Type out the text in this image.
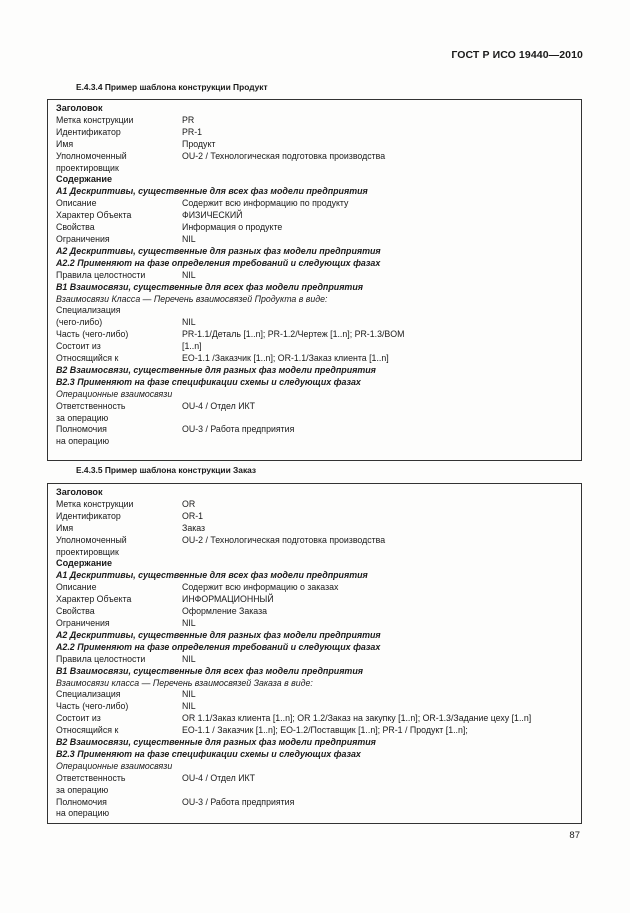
ГОСТ Р ИСО 19440—2010
Е.4.3.4 Пример шаблона конструкции Продукт
Заголовок
Метка конструкции	PR
Идентификатор	PR-1
Имя	Продукт
Уполномоченный	OU-2 / Технологическая подготовка производства
проектировщик
Содержание
А1 Дескриптивы, существенные для всех фаз модели предприятия
Описание	Содержит всю информацию по продукту
Характер Объекта	ФИЗИЧЕСКИЙ
Свойства	Информация о продукте
Ограничения	NIL
А2 Дескриптивы, существенные для разных фаз модели предприятия
А2.2 Применяют на фазе определения требований и следующих фазах
Правила целостности	NIL
В1 Взаимосвязи, существенные для всех фаз модели предприятия
Взаимосвязи Класса — Перечень взаимосвязей Продукта в виде:
Специализация
(чего-либо)	NIL
Часть (чего-либо)	PR-1.1/Деталь [1..n]; PR-1.2/Чертеж [1..n]; PR-1.3/BOM
Состоит из	[1..n]
Относящийся к	EO-1.1 /Заказчик [1..n]; OR-1.1/Заказ клиента [1..n]
В2 Взаимосвязи, существенные для разных фаз модели предприятия
В2.3 Применяют на фазе спецификации схемы и следующих фазах
Операционные взаимосвязи
Ответственность	OU-4 / Отдел ИКТ
за операцию
Полномочия	OU-3 / Работа предприятия
на операцию
Е.4.3.5 Пример шаблона конструкции Заказ
Заголовок
Метка конструкции	OR
Идентификатор	OR-1
Имя	Заказ
Уполномоченный	OU-2 / Технологическая подготовка производства
проектировщик
Содержание
А1 Дескриптивы, существенные для всех фаз модели предприятия
Описание	Содержит всю информацию о заказах
Характер Объекта	ИНФОРМАЦИОННЫЙ
Свойства	Оформление Заказа
Ограничения	NIL
А2 Дескриптивы, существенные для разных фаз модели предприятия
А2.2 Применяют на фазе определения требований и следующих фазах
Правила целостности	NIL
В1 Взаимосвязи, существенные для всех фаз модели предприятия
Взаимосвязи класса — Перечень взаимосвязей Заказа в виде:
Специализация	NIL
Часть (чего-либо)	NIL
Состоит из	OR 1.1/Заказ клиента [1..n]; OR 1.2/Заказ на закупку [1..n]; OR-1.3/Задание цеху [1..n]
Относящийся к	EO-1.1 / Заказчик [1..n]; EO-1.2/Поставщик [1..n]; PR-1 / Продукт [1..n];
В2 Взаимосвязи, существенные для разных фаз модели предприятия
В2.3 Применяют на фазе спецификации схемы и следующих фазах
Операционные взаимосвязи
Ответственность	OU-4 / Отдел ИКТ
за операцию
Полномочия	OU-3 / Работа предприятия
на операцию
87
